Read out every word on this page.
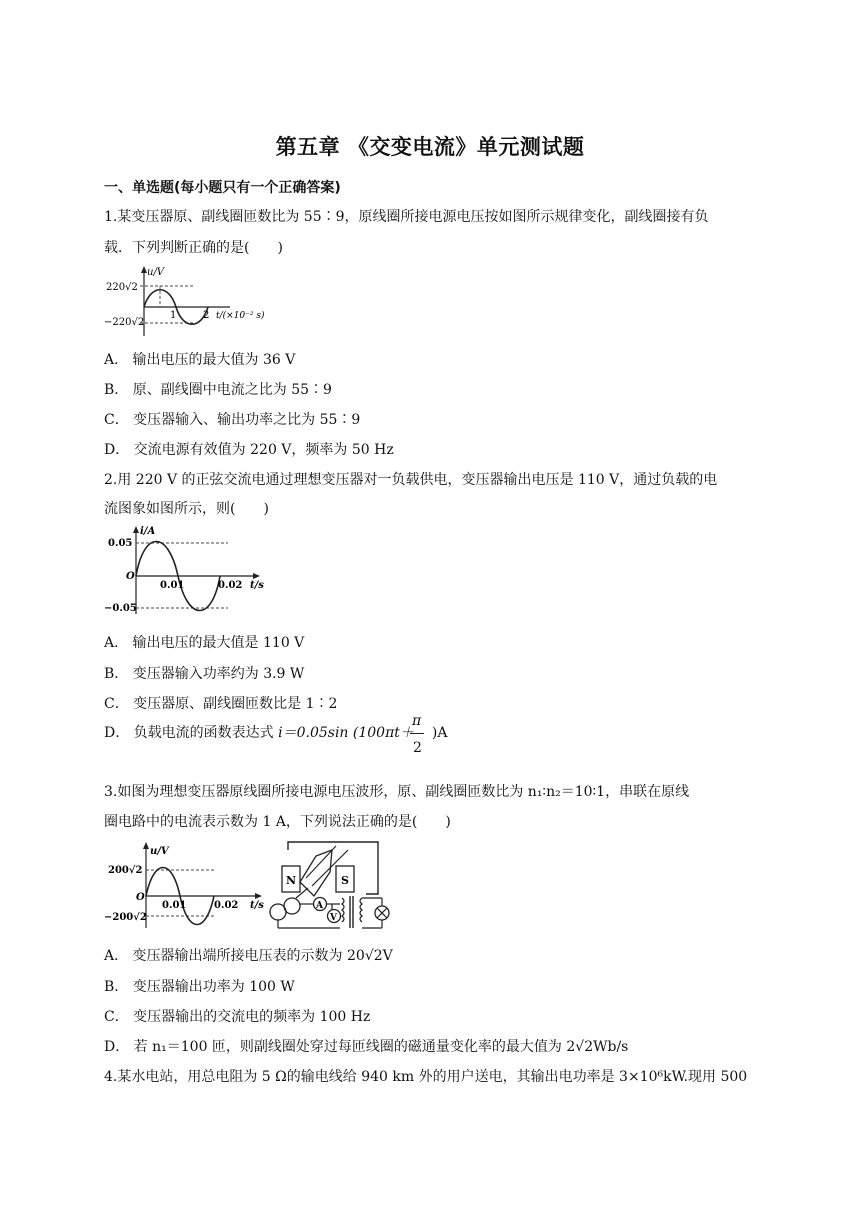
第五章 《交变电流》单元测试题
一、单选题(每小题只有一个正确答案)
1.某变压器原、副线圈匝数比为 55∶9，原线圈所接电源电压按如图所示规律变化，副线圈接有负
载．下列判断正确的是(　　)
u/V
220√2
−220√2
1	2 t/(×10⁻² s)
A． 输出电压的最大值为 36 V
B． 原、副线圈中电流之比为 55∶9
C． 变压器输入、输出功率之比为 55∶9
D． 交流电源有效值为 220 V，频率为 50 Hz
2.用 220 V 的正弦交流电通过理想变压器对一负载供电，变压器输出电压是 110 V，通过负载的电
流图象如图所示，则(　　)
i/A
0.05
−0.05
O
0.01	0.02 t/s
A． 输出电压的最大值是 110 V
B． 变压器输入功率约为 3.9 W
C． 变压器原、副线圈匝数比是 1∶2
D． 负载电流的函数表达式 i＝0.05sin (100πt＋ )A
π
2
3.如图为理想变压器原线圈所接电源电压波形，原、副线圈匝数比为 n₁∶n₂＝10∶1，串联在原线
圈电路中的电流表示数为 1 A，下列说法正确的是(　　)
u/V
200√2
O
−200√2
0.01	0.02 t/s
N	S
A
V
A． 变压器输出端所接电压表的示数为 20√2V
B． 变压器输出功率为 100 W
C． 变压器输出的交流电的频率为 100 Hz
D． 若 n₁＝100 匝，则副线圈处穿过每匝线圈的磁通量变化率的最大值为 2√2Wb/s
4.某水电站，用总电阻为 5 Ω的输电线给 940 km 外的用户送电，其输出电功率是 3×10⁶kW.现用 500
